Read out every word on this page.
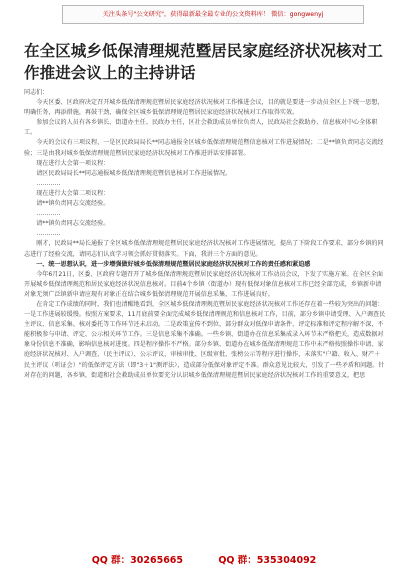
关注头条号"公文研究"，获得最新最全最专业的公文资料库！ 微信：gongwenyj
在全区城乡低保清理规范暨居民家庭经济状况核对工作推进会议上的主持讲话

同志们：

今天区委、区政府决定召开城乡低保清理规范暨居民家庭经济状况核对工作推进会议，目的就是要进一步动员全区上下统一思想，明确任务，再添措施，再鼓干劲，确保全区城乡低保清理规范暨居民家庭经济状况核对工作取得实效。

参加会议的人员有各乡镇长、街道办主任、民政办主任，区社会救助成员单位负责人，民政局社会救助办、信息核对中心全体职工。

今天的会议有三项议程，一是区民政局局长**同志通报全区城乡低保清理规范暨信息核对工作进展情况；二是**镇负责同志交流经验；三是由我对城乡低保清理规范暨居民家庭经济状况核对工作推进讲话安排部署。

现在进行大会第一项议程：

请区民政局局长**同志通报城乡低保清理规范暨信息核对工作进展情况。

…………

现在进行大会第二项议程：

请**镇负责同志交流经验。

…………

请**镇负责同志交流经验。

…………

刚才，民政局**局长通报了全区城乡低保清理规范暨居民家庭经济状况核对工作进展情况，提出了下阶段工作要求，部分乡镇的同志进行了经验交流，请同志们认真学习领会抓好贯彻落实。下面，我讲三个方面的意见。

一、统一思想认识，进一步增强做好城乡低保清理规范暨居民家庭经济状况核对工作的责任感和紧迫感

今年6月21日，区委、区政府专题召开了城乡低保清理规范暨居民家庭经济状况核对工作动员会议，下发了实施方案。在全区全面开展城乡低保清理规范和居民家庭经济状况信息核对。目前4个乡镇（街道办）现有低保对象信息核对工作已经全部完成，乡镇新申请对象无须广泛镇新申请应现有对象正在结合城乡低保清理规范开展信息采集，工作进展良好。

在肯定工作成绩的同时，我们也清醒地看到，全区城乡低保清理规范暨居民家庭经济状况核对工作还存在着一些较为突出的问题：一是工作进展较缓慢。按照方案要求，11月底前要全面完成城乡低保清理规范和信息核对工作，目前，部分乡镇申请受理、入户调查民主评议、信息采集、核对委托等工作环节还未启动。二是政策宣传不到位，部分群众对低保申请条件、评定标准和评定程序解不深，不能积极参与申请、评定、公示相关环节工作。三是信息采集不准确。一些乡镇、街道办在信息采集成录入环节未严格把关，造成数据对象身份信息不准确，影响信息核对进度。四是程序操作不严格。部分乡镇、街道办在城乡低保清理规范工作中未严格按照操作申请、家庭经济状况核对、入户调查、（民主评议）、公示评议、审核审批、区级审批、张榜公示等程序进行操作，未落实"户籍、收入、财产＋民主评议（听证会）"的低保评定方法（即"3＋1"测评法），造成部分低保对象评定不准。群众意见比较大，引发了一些矛盾和问题。针对存在的问题，各乡镇、街道和社会救助成员单位要充分认识城乡低保清理规范暨居民家庭经济状况核对工作的重要意义，把思

QQ 群：30265665	QQ 群：535304092
